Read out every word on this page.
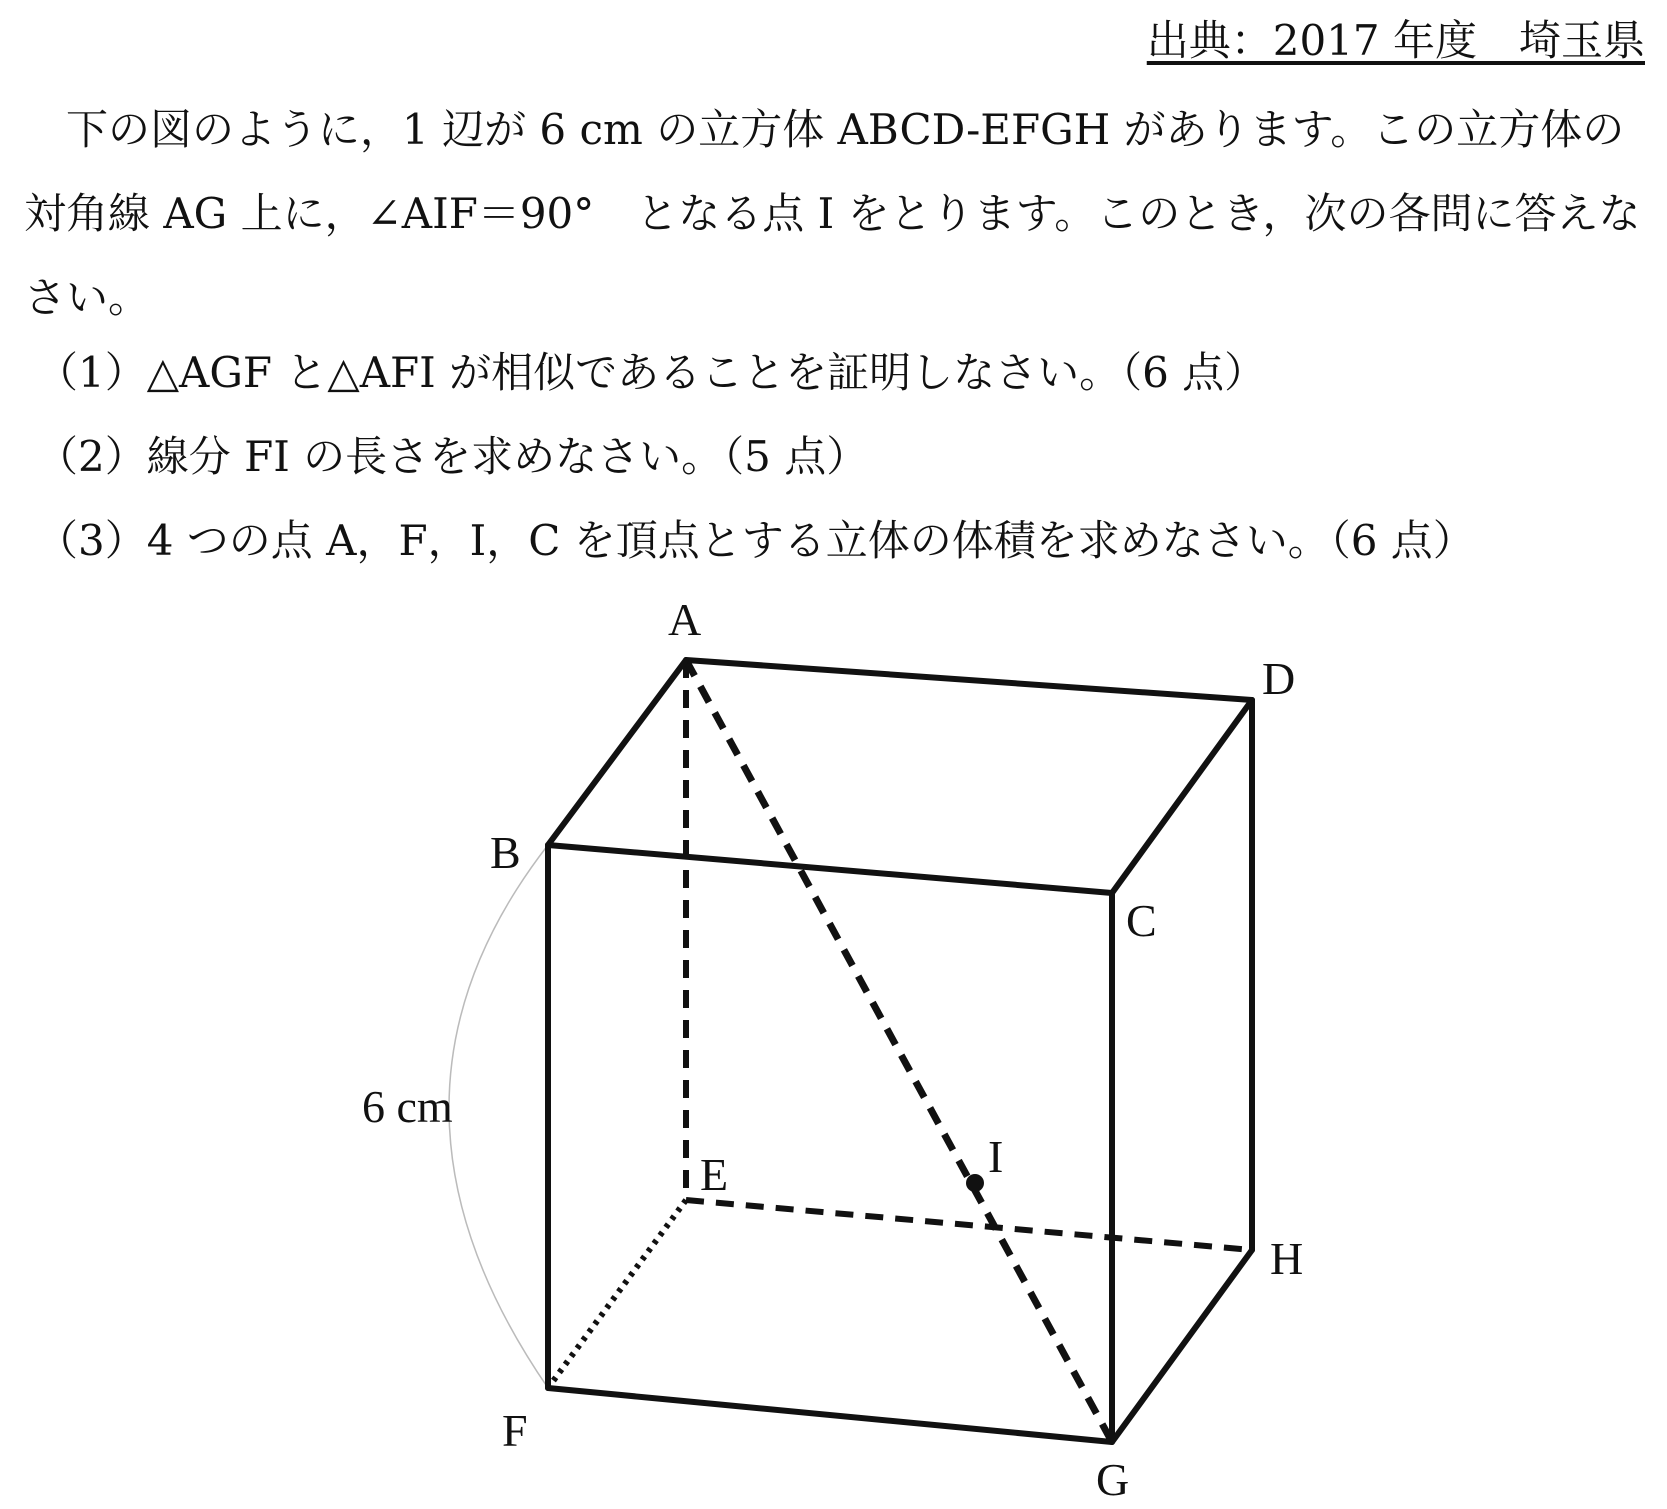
出典：2017 年度　埼玉県

下の図のように，1 辺が 6 cm の立方体 ABCD-EFGH があります。この立方体の対角線 AG 上に，∠AIF＝90°　となる点 I をとります。このとき，次の各問に答えなさい。

（1）△AGF と△AFI が相似であることを証明しなさい。（6 点）
（2）線分 FI の長さを求めなさい。（5 点）
（3）4 つの点 A，F，I，C を頂点とする立体の体積を求めなさい。（6 点）
A
B
C
D
E
F
G
H
I
6 cm
